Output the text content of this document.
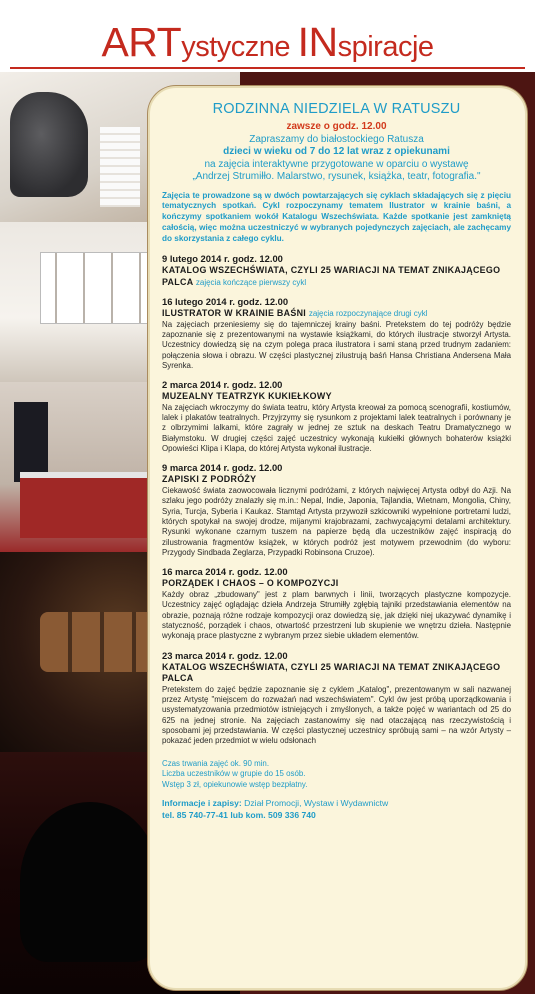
ARTystyczne INspiracje
RODZINNA NIEDZIELA W RATUSZU
zawsze o godz. 12.00
Zapraszamy do białostockiego Ratusza
dzieci w wieku od 7 do 12 lat wraz z opiekunami
na zajęcia interaktywne przygotowane w oparciu o wystawę
„Andrzej Strumiłło. Malarstwo, rysunek, książka, teatr, fotografia."
Zajęcia te prowadzone są w dwóch powtarzających się cyklach składających się z pięciu tematycznych spotkań. Cykl rozpoczynamy tematem Ilustrator w krainie baśni, a kończymy spotkaniem wokół Katalogu Wszechświata. Każde spotkanie jest zamkniętą całością, więc można uczestniczyć w wybranych pojedynczych zajęciach, ale zachęcamy do skorzystania z całego cyklu.
9 lutego 2014 r. godz. 12.00
KATALOG WSZECHŚWIATA, CZYLI 25 WARIACJI NA TEMAT ZNIKAJĄCEGO PALCA zajęcia kończące pierwszy cykl
16 lutego 2014 r. godz. 12.00
ILUSTRATOR W KRAINIE BAŚNI zajęcia rozpoczynające drugi cykl
Na zajęciach przeniesiemy się do tajemniczej krainy baśni. Pretekstem do tej podróży będzie zapoznanie się z prezentowanymi na wystawie książkami, do których ilustracje stworzył Artysta. Uczestnicy dowiedzą się na czym polega praca ilustratora i sami staną przed trudnym zadaniem: połączenia słowa i obrazu. W części plastycznej zilustrują baśń Hansa Christiana Andersena Mała Syrenka.
2 marca 2014 r. godz. 12.00
MUZEALNY TEATRZYK KUKIEŁKOWY
Na zajęciach wkroczymy do świata teatru, który Artysta kreował za pomocą scenografii, kostiumów, lalek i plakatów teatralnych. Przyjrzymy się rysunkom z projektami lalek teatralnych i porównany je z olbrzymimi lalkami, które zagrały w jednej ze sztuk na deskach Teatru Dramatycznego w Białymstoku. W drugiej części zajęć uczestnicy wykonają kukiełki głównych bohaterów książki Opowieści Klipa i Klapa, do której Artysta wykonał ilustracje.
9 marca 2014 r. godz. 12.00
ZAPISKI Z PODRÓŻY
Ciekawość świata zaowocowała licznymi podróżami, z których najwięcej Artysta odbył do Azji. Na szlaku jego podróży znalazły się m.in.: Nepal, Indie, Japonia, Tajlandia, Wietnam, Mongolia, Chiny, Syria, Turcja, Syberia i Kaukaz. Stamtąd Artysta przywoził szkicowniki wypełnione portretami ludzi, których spotykał na swojej drodze, mijanymi krajobrazami, zachwycającymi detalami architektury. Rysunki wykonane czarnym tuszem na papierze będą dla uczestników zajęć inspiracją do zilustrowania fragmentów książek, w których podróż jest motywem przewodnim (do wyboru: Przygody Sindbada Żeglarza, Przypadki Robinsona Cruzoe).
16 marca 2014 r. godz. 12.00
PORZĄDEK I CHAOS – O KOMPOZYCJI
Każdy obraz „zbudowany" jest z plam barwnych i linii, tworzących plastyczne kompozycje. Uczestnicy zajęć oglądając dzieła Andrzeja Strumiłły zgłębią tajniki przedstawiania elementów na obrazie, poznają różne rodzaje kompozycji oraz dowiedzą się, jak dzięki niej ukazywać dynamikę i statyczność, porządek i chaos, otwartość przestrzeni lub skupienie we wnętrzu dzieła. Następnie wykonają prace plastyczne z wybranym przez siebie układem elementów.
23 marca 2014 r. godz. 12.00
KATALOG WSZECHŚWIATA, CZYLI 25 WARIACJI NA TEMAT ZNIKAJĄCEGO PALCA
Pretekstem do zajęć będzie zapoznanie się z cyklem „Katalog", prezentowanym w sali nazwanej przez Artystę "miejscem do rozważań nad wszechświatem". Cykl ów jest próbą uporządkowania i usystematyzowania przedmiotów istniejących i zmyślonych, a także pojęć w wariantach od 25 do 625 na jednej stronie. Na zajęciach zastanowimy się nad otaczającą nas rzeczywistością i sposobami jej przedstawiania. W części plastycznej uczestnicy spróbują sami – na wzór Artysty – pokazać jeden przedmiot w wielu odsłonach
Czas trwania zajęć ok. 90 min.
Liczba uczestników w grupie do 15 osób.
Wstęp 3 zł, opiekunowie wstęp bezpłatny.
Informacje i zapisy: Dział Promocji, Wystaw i Wydawnictw
tel. 85 740-77-41 lub kom. 509 336 740
